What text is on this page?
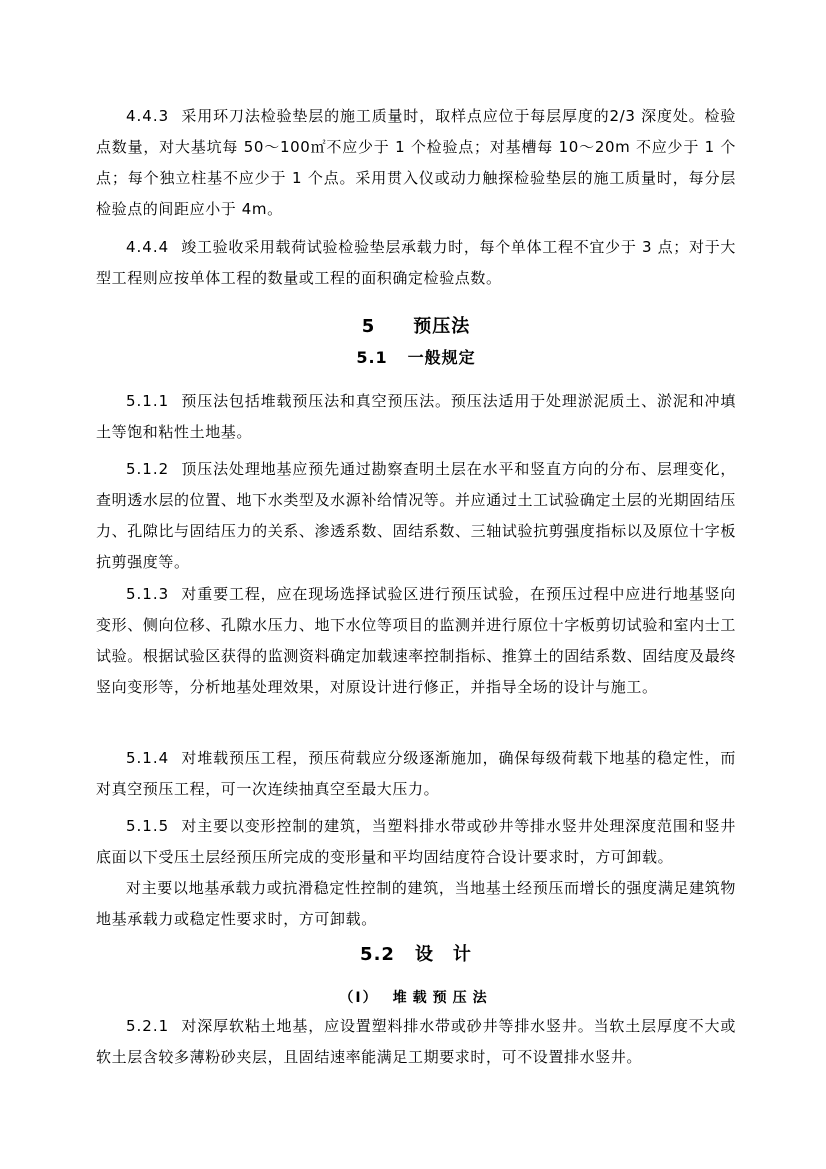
4.4.3 采用环刀法检验垫层的施工质量时，取样点应位于每层厚度的2/3 深度处。检验点数量，对大基坑每 50～100㎡不应少于 1 个检验点；对基槽每 10～20m 不应少于 1 个点；每个独立柱基不应少于 1 个点。采用贯入仪或动力触探检验垫层的施工质量时，每分层检验点的间距应小于 4m。

4.4.4 竣工验收采用载荷试验检验垫层承载力时，每个单体工程不宜少于 3 点；对于大型工程则应按单体工程的数量或工程的面积确定检验点数。

5　　 预压法
5.1 一般规定

5.1.1 预压法包括堆载预压法和真空预压法。预压法适用于处理淤泥质土、淤泥和冲填土等饱和粘性土地基。

5.1.2 顶压法处理地基应预先通过勘察查明土层在水平和竖直方向的分布、层理变化，查明透水层的位置、地下水类型及水源补给情况等。并应通过土工试验确定土层的光期固结压力、孔隙比与固结压力的关系、渗透系数、固结系数、三轴试验抗剪强度指标以及原位十字板抗剪强度等。

5.1.3 对重要工程，应在现场选择试验区进行预压试验，在预压过程中应进行地基竖向变形、侧向位移、孔隙水压力、地下水位等项目的监测并进行原位十字板剪切试验和室内士工试验。根据试验区获得的监测资料确定加载速率控制指标、推算土的固结系数、固结度及最终竖向变形等，分析地基处理效果，对原设计进行修正，并指导全场的设计与施工。

5.1.4 对堆载预压工程，预压荷载应分级逐渐施加，确保每级荷载下地基的稳定性，而对真空预压工程，可一次连续抽真空至最大压力。

5.1.5 对主要以变形控制的建筑，当塑料排水带或砂井等排水竖井处理深度范围和竖井底面以下受压土层经预压所完成的变形量和平均固结度符合设计要求时，方可卸载。

对主要以地基承载力或抗滑稳定性控制的建筑，当地基土经预压而增长的强度满足建筑物地基承载力或稳定性要求时，方可卸载。

5.2 设　计
（Ⅰ） 堆载预压法

5.2.1 对深厚软粘土地基，应设置塑料排水带或砂井等排水竖井。当软土层厚度不大或软土层含较多薄粉砂夹层，且固结速率能满足工期要求时，可不设置排水竖井。
